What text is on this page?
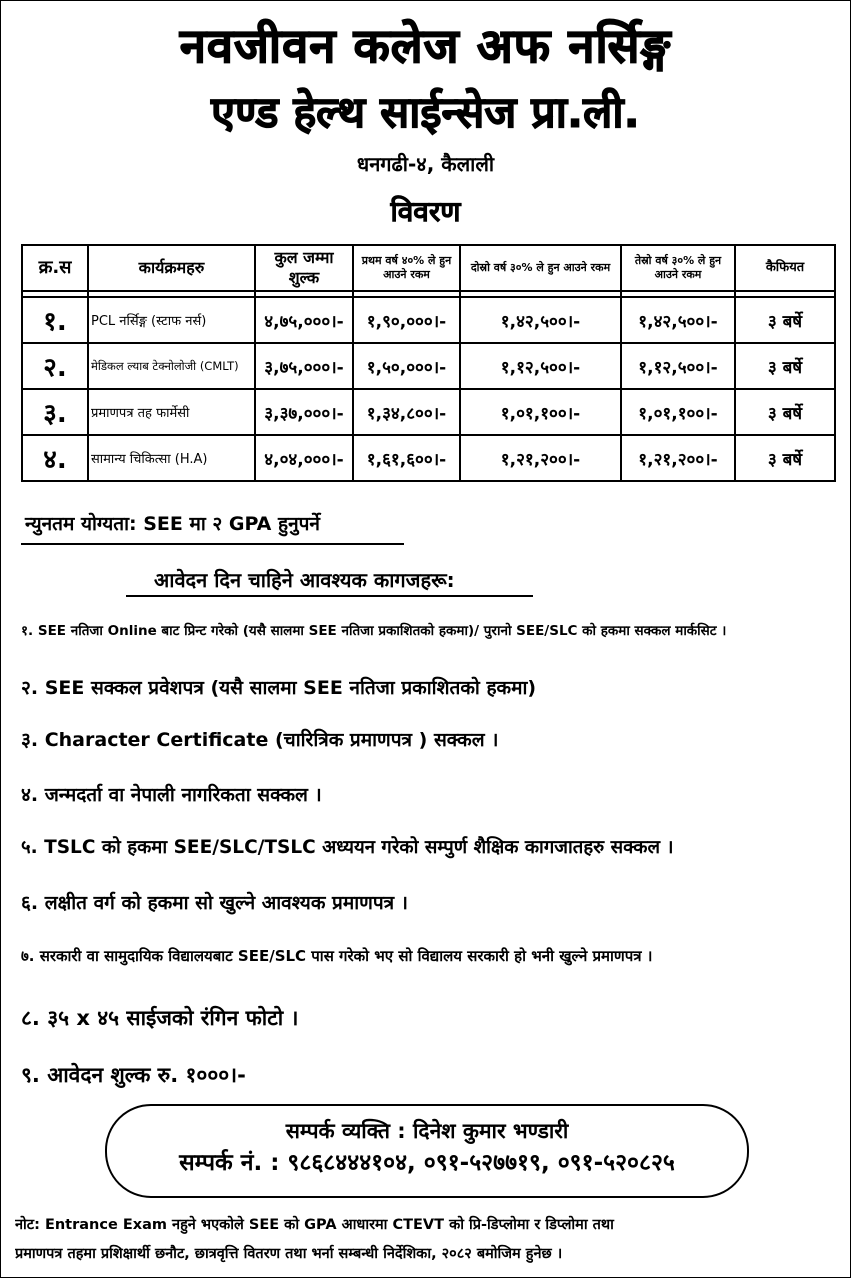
नवजीवन कलेज अफ नर्सिङ्ग
एण्ड हेल्थ साईन्सेज प्रा.ली.
धनगढी-४, कैलाली
विवरण
क्र.स	कार्यक्रमहरु	कुल जम्मा शुल्क	प्रथम वर्ष ४०% ले हुन आउने रकम	दोस्रो वर्ष ३०% ले हुन आउने रकम	तेस्रो वर्ष ३०% ले हुन आउने रकम	कैफियत

१.	PCL नर्सिङ्ग (स्टाफ नर्स)	४,७५,०००।-	१,९०,०००।-	१,४२,५००।-	१,४२,५००।-	३ बर्षे
२.	मेडिकल ल्याब टेक्नोलोजी (CMLT)	३,७५,०००।-	१,५०,०००।-	१,१२,५००।-	१,१२,५००।-	३ बर्षे
३.	प्रमाणपत्र तह फार्मेसी	३,३७,०००।-	१,३४,८००।-	१,०१,१००।-	१,०१,१००।-	३ बर्षे
४.	सामान्य चिकित्सा (H.A)	४,०४,०००।-	१,६१,६००।-	१,२१,२००।-	१,२१,२००।-	३ बर्षे
न्युनतम योग्यता: SEE मा २ GPA हुनुपर्ने
आवेदन दिन चाहिने आवश्यक कागजहरू:
१. SEE नतिजा Online बाट प्रिन्ट गरेको (यसै सालमा SEE नतिजा प्रकाशितको हकमा)/ पुरानो SEE/SLC को हकमा सक्कल मार्कसिट ।
२. SEE सक्कल प्रवेशपत्र (यसै सालमा SEE नतिजा प्रकाशितको हकमा)
३. Character Certificate (चारित्रिक प्रमाणपत्र ) सक्कल ।
४. जन्मदर्ता वा नेपाली नागरिकता सक्कल ।
५. TSLC को हकमा SEE/SLC/TSLC अध्ययन गरेको सम्पुर्ण शैक्षिक कागजातहरु सक्कल ।
६. लक्षीत वर्ग को हकमा सो खुल्ने आवश्यक प्रमाणपत्र ।
७. सरकारी वा सामुदायिक विद्यालयबाट SEE/SLC पास गरेको भए सो विद्यालय सरकारी हो भनी खुल्ने प्रमाणपत्र ।
८. ३५ x ४५ साईजको रंगिन फोटो ।
९. आवेदन शुल्क रु. १०००।-
सम्पर्क व्यक्ति : दिनेश कुमार भण्डारी
सम्पर्क नं. : ९८६८४४४१०४, ०९१-५२७७१९, ०९१-५२०८२५
नोट: Entrance Exam नहुने भएकोले SEE को GPA आधारमा CTEVT को प्रि-डिप्लोमा र डिप्लोमा तथा
प्रमाणपत्र तहमा प्रशिक्षार्थी छनौट, छात्रवृत्ति वितरण तथा भर्ना सम्बन्धी निर्देशिका, २०८२ बमोजिम हुनेछ ।
